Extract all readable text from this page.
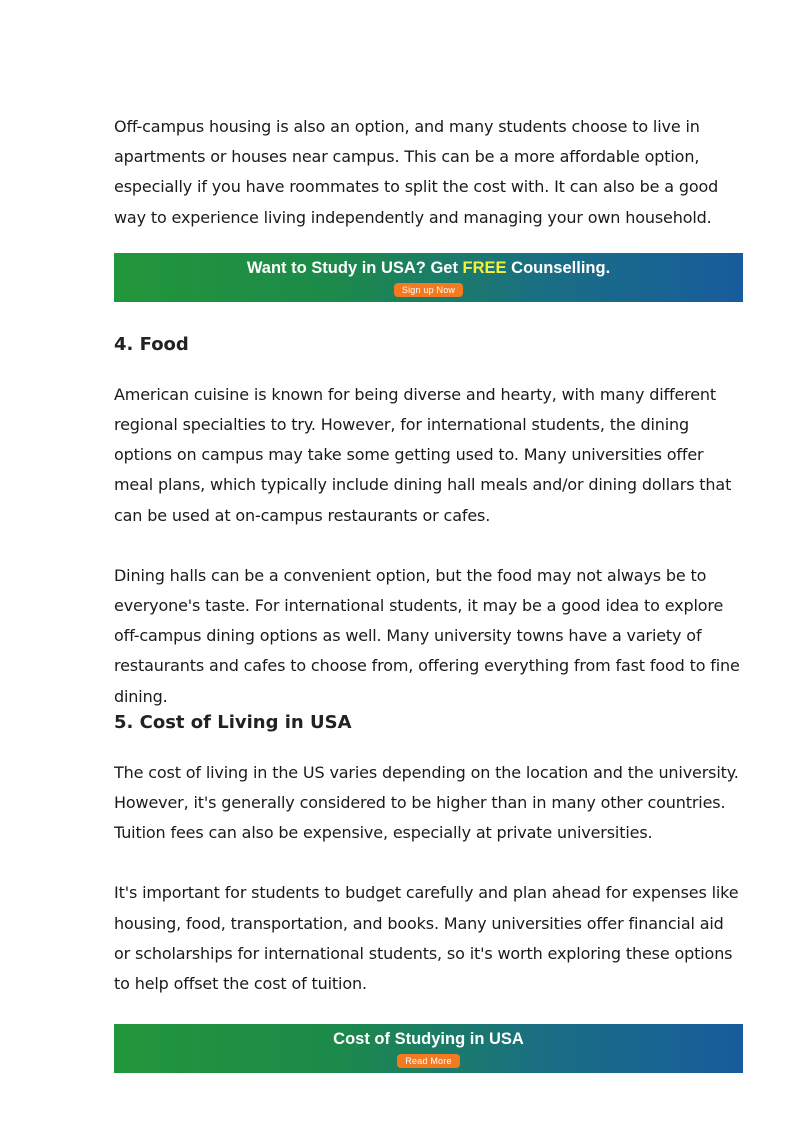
Off-campus housing is also an option, and many students choose to live in apartments or houses near campus. This can be a more affordable option, especially if you have roommates to split the cost with. It can also be a good way to experience living independently and managing your own household.

Want to Study in USA? Get FREE Counselling.
Sign up Now
4. Food

American cuisine is known for being diverse and hearty, with many different regional specialties to try. However, for international students, the dining options on campus may take some getting used to. Many universities offer meal plans, which typically include dining hall meals and/or dining dollars that can be used at on-campus restaurants or cafes.

Dining halls can be a convenient option, but the food may not always be to everyone's taste. For international students, it may be a good idea to explore off-campus dining options as well. Many university towns have a variety of restaurants and cafes to choose from, offering everything from fast food to fine dining.

5. Cost of Living in USA

The cost of living in the US varies depending on the location and the university. However, it's generally considered to be higher than in many other countries. Tuition fees can also be expensive, especially at private universities.

It's important for students to budget carefully and plan ahead for expenses like housing, food, transportation, and books. Many universities offer financial aid or scholarships for international students, so it's worth exploring these options to help offset the cost of tuition.

Cost of Studying in USA
Read More
